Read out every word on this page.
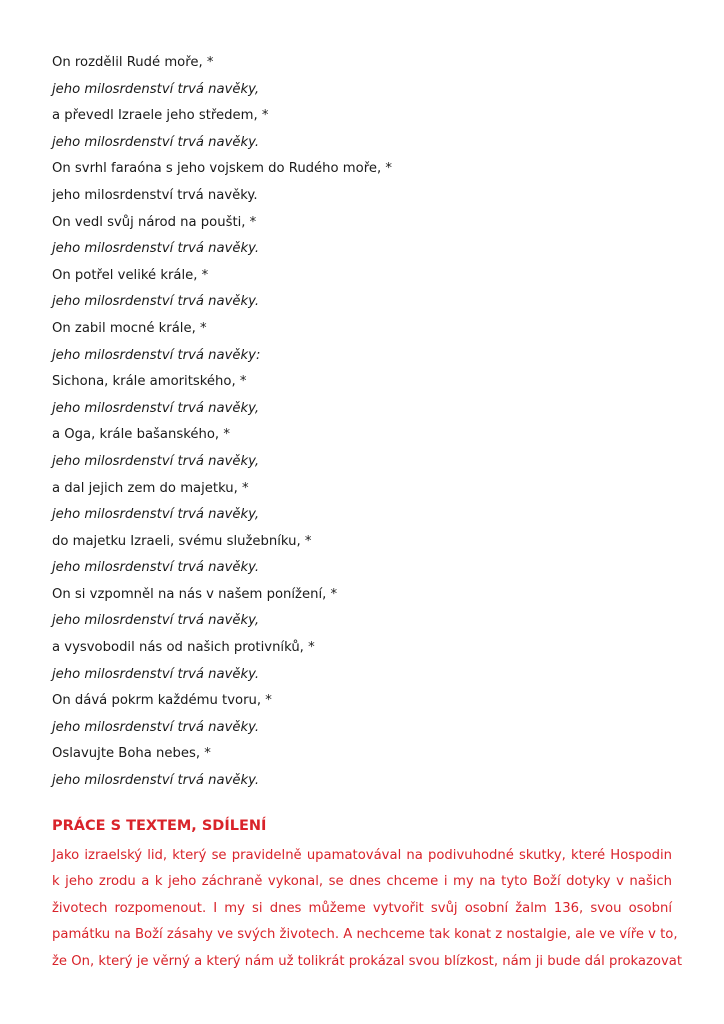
On rozdělil Rudé moře, *
jeho milosrdenství trvá navěky,
a převedl Izraele jeho středem, *
jeho milosrdenství trvá navěky.
On svrhl faraóna s jeho vojskem do Rudého moře, *
jeho milosrdenství trvá navěky.
On vedl svůj národ na poušti, *
jeho milosrdenství trvá navěky.
On potřel veliké krále, *
jeho milosrdenství trvá navěky.
On zabil mocné krále, *
jeho milosrdenství trvá navěky:
Sichona, krále amoritského, *
jeho milosrdenství trvá navěky,
a Oga, krále bašanského, *
jeho milosrdenství trvá navěky,
a dal jejich zem do majetku, *
jeho milosrdenství trvá navěky,
do majetku Izraeli, svému služebníku, *
jeho milosrdenství trvá navěky.
On si vzpomněl na nás v našem ponížení, *
jeho milosrdenství trvá navěky,
a vysvobodil nás od našich protivníků, *
jeho milosrdenství trvá navěky.
On dává pokrm každému tvoru, *
jeho milosrdenství trvá navěky.
Oslavujte Boha nebes, *
jeho milosrdenství trvá navěky.
PRÁCE S TEXTEM, SDÍLENÍ
Jako izraelský lid, který se pravidelně upamatovával na podivuhodné skutky, které Hospodin
k jeho zrodu a k jeho záchraně vykonal, se dnes chceme i my na tyto Boží dotyky v našich
životech rozpomenout. I my si dnes můžeme vytvořit svůj osobní žalm 136, svou osobní
památku na Boží zásahy ve svých životech. A nechceme tak konat z nostalgie, ale ve víře v to,
že On, který je věrný a který nám už tolikrát prokázal svou blízkost, nám ji bude dál prokazovat
